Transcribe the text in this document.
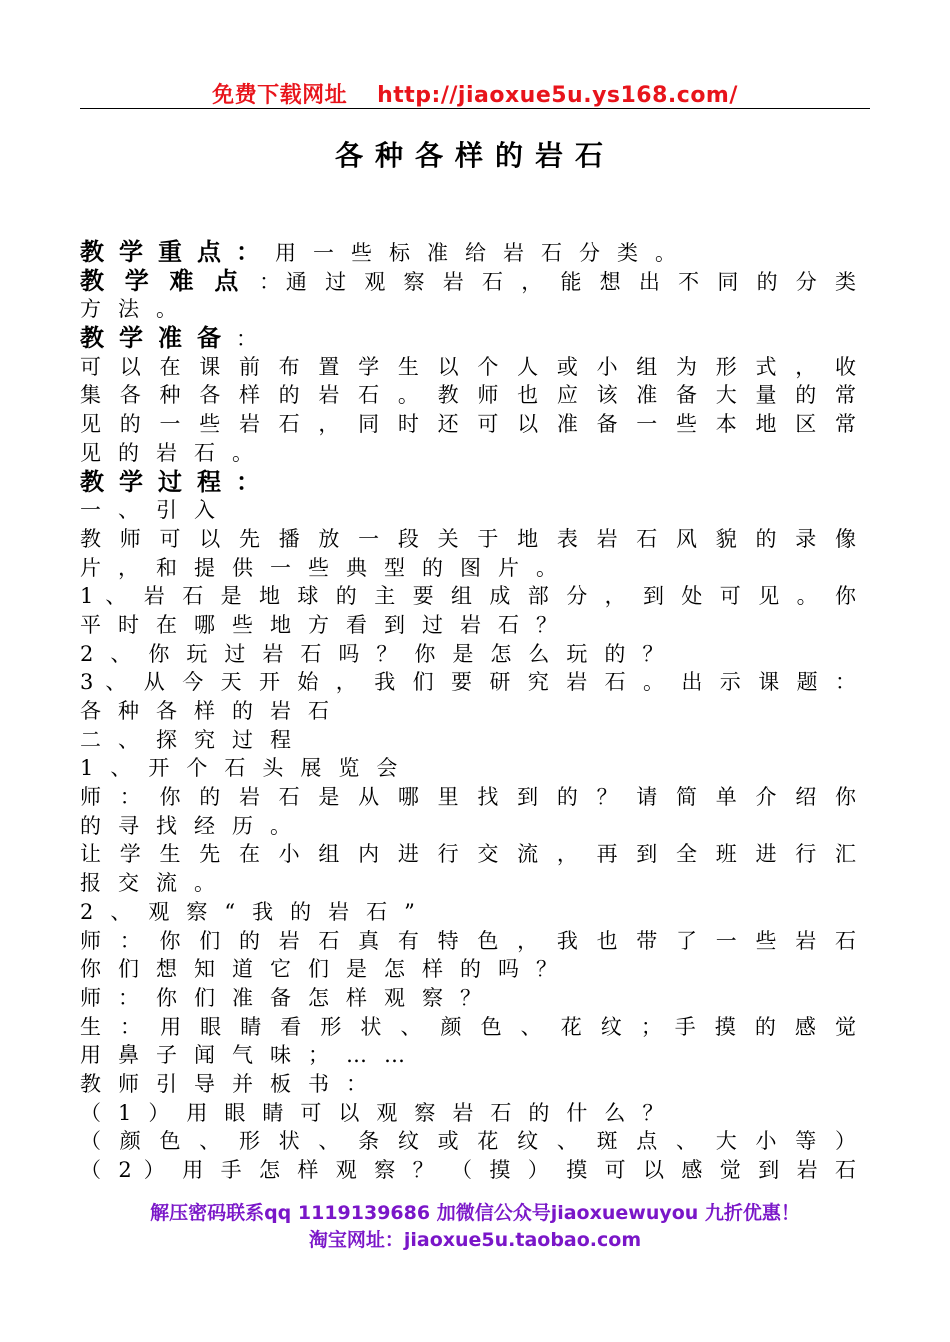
免费下载网址 http://jiaoxue5u.ys168.com/
各种各样的岩石
教学重点：用一些标准给岩石分类。
教学难点：通 过 观 察 岩 石 ， 能 想 出 不 同 的 分 类
方法。
教学准备：
可 以 在 课 前 布 置 学 生 以 个 人 或 小 组 为 形 式 ， 收
集 各 种 各 样 的 岩 石 。 教 师 也 应 该 准 备 大 量 的 常
见 的 一 些 岩 石 ， 同 时 还 可 以 准 备 一 些 本 地 区 常
见的岩石。
教学过程：
一、引入
教 师 可 以 先 播 放 一 段 关 于 地 表 岩 石 风 貌 的 录 像
片，和提供一些典型的图片。
1 、 岩 石 是 地 球 的 主 要 组 成 部 分 ， 到 处 可 见 。 你
平时在哪些地方看到过岩石？
2、你玩过岩石吗？你是怎么玩的？
3 、 从 今 天 开 始 ， 我 们 要 研 究 岩 石 。 出 示 课 题 ：
各种各样的岩石
二、探究过程
1、开个石头展览会
师 ： 你 的 岩 石 是 从 哪 里 找 到 的 ？ 请 简 单 介 绍 你
的寻找经历。
让 学 生 先 在 小 组 内 进 行 交 流 ， 再 到 全 班 进 行 汇
报交流。
2、观察“我的岩石”
师 ： 你 们 的 岩 石 真 有 特 色 ， 我 也 带 了 一 些 岩 石
你们想知道它们是怎样的吗？
师：你们准备怎样观察？
生 ： 用 眼 睛 看 形 状 、 颜 色 、 花 纹 ； 手 摸 的 感 觉
用鼻子闻气味；……
教师引导并板书：
（1）用眼睛可以观察岩石的什么？
（ 颜 色 、 形 状 、 条 纹 或 花 纹 、 斑 点 、 大 小 等 ）
（ 2 ） 用 手 怎 样 观 察 ？ （ 摸 ） 摸 可 以 感 觉 到 岩 石
解压密码联系qq 1119139686 加微信公众号jiaoxuewuyou 九折优惠！
淘宝网址：jiaoxue5u.taobao.com
